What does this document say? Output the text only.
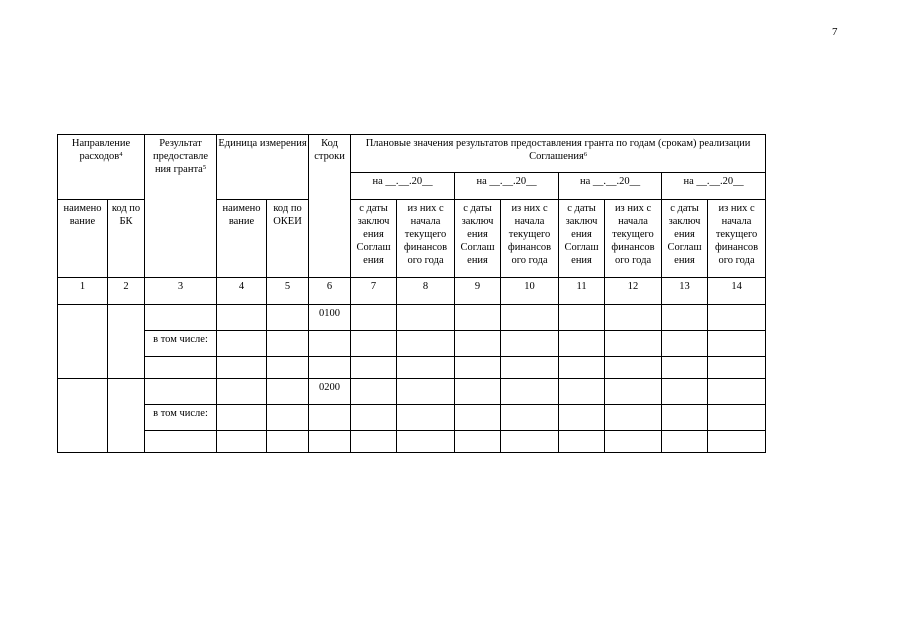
7
Направление расходов$^4$		Результат предоставле ния гранта$^5$	Единица измерения		Код строки	Плановые значения результатов предоставления гранта по годам (срокам) реализации Соглашения$^6$
						на __.__.20__		на __.__.20__		на __.__.20__		на __.__.20__	
наимено вание	код по БК		наимено вание	код по ОКЕИ		с даты заключ ения Соглаш ения	из них с начала текущего финансов ого года	с даты заключ ения Соглаш ения	из них с начала текущего финансов ого года	с даты заключ ения Соглаш ения	из них с начала текущего финансов ого года	с даты заключ ения Соглаш ения	из них с начала текущего финансов ого года
1	2	3	4	5	6	7	8	9	10	11	12	13	14
					0100								
		в том числе:											

					0200								
		в том числе:											
